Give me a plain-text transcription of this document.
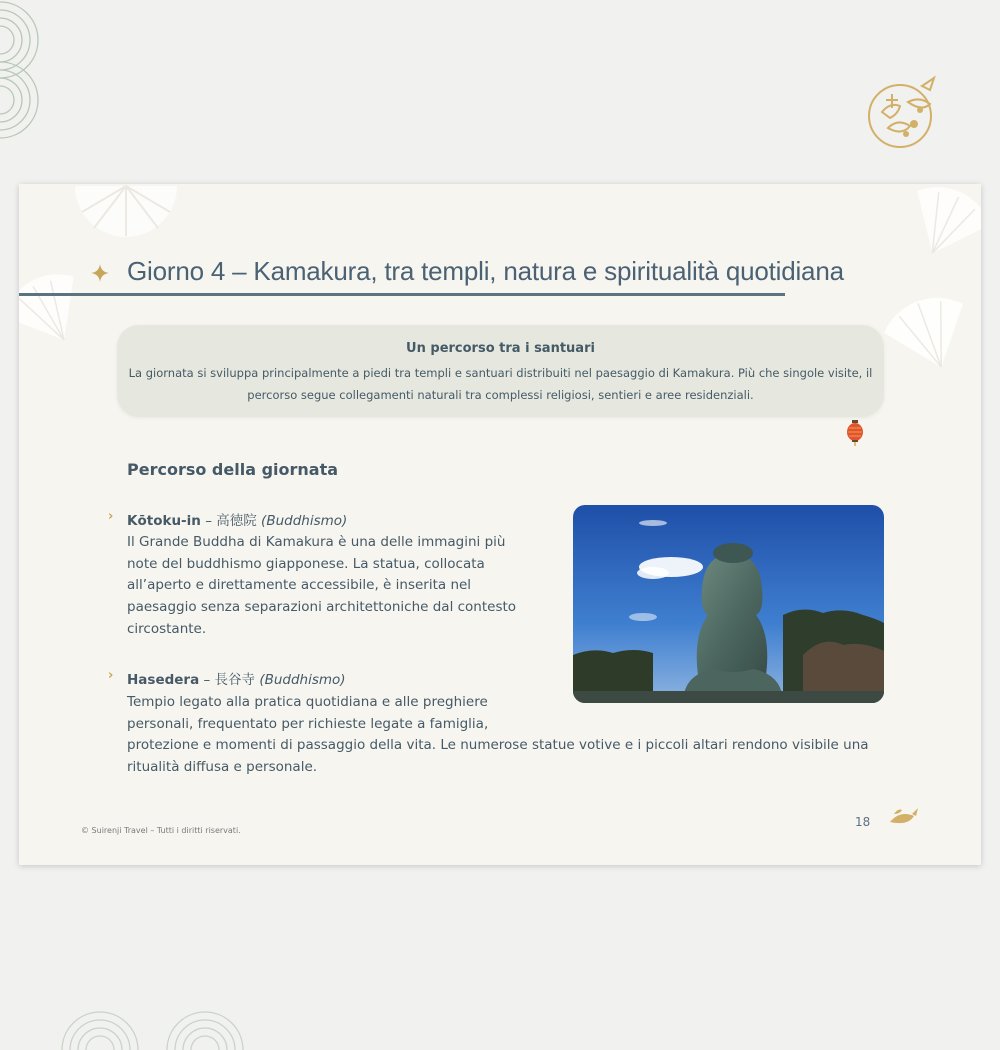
Giorno 4 – Kamakura, tra templi, natura e spiritualità quotidiana
Un percorso tra i santuari
La giornata si sviluppa principalmente a piedi tra templi e santuari distribuiti nel paesaggio di Kamakura. Più che singole visite, il percorso segue collegamenti naturali tra complessi religiosi, sentieri e aree residenziali.
Percorso della giornata
› Kōtoku-in – 高徳院 (Buddhismo)
Il Grande Buddha di Kamakura è una delle immagini più note del buddhismo giapponese. La statua, collocata all’aperto e direttamente accessibile, è inserita nel paesaggio senza separazioni architettoniche dal contesto circostante.
› Hasedera – 長谷寺 (Buddhismo)
Tempio legato alla pratica quotidiana e alle preghiere personali, frequentato per richieste legate a famiglia, protezione e momenti di passaggio della vita. Le numerose statue votive e i piccoli altari rendono visibile una ritualità diffusa e personale.
© Suirenji Travel – Tutti i diritti riservati.
18
